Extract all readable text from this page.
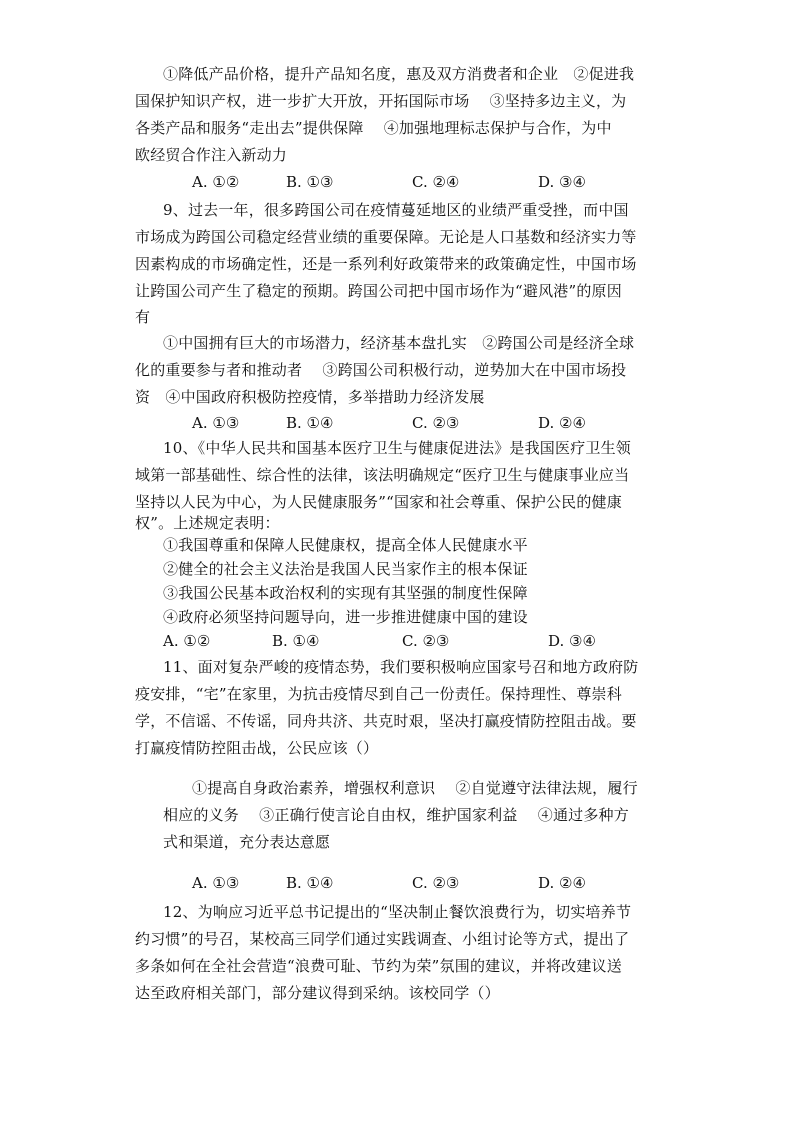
①降低产品价格，提升产品知名度，惠及双方消费者和企业　②促进我
国保护知识产权，进一步扩大开放，开拓国际市场　 ③坚持多边主义，为
各类产品和服务“走出去”提供保障　 ④加强地理标志保护与合作，为中
欧经贸合作注入新动力
A. ①②	B. ①③	C. ②④	D. ③④
9、过去一年，很多跨国公司在疫情蔓延地区的业绩严重受挫，而中国
市场成为跨国公司稳定经营业绩的重要保障。无论是人口基数和经济实力等
因素构成的市场确定性，还是一系列利好政策带来的政策确定性，中国市场
让跨国公司产生了稳定的预期。跨国公司把中国市场作为“避风港”的原因
有
①中国拥有巨大的市场潜力，经济基本盘扎实　②跨国公司是经济全球
化的重要参与者和推动者　 ③跨国公司积极行动，逆势加大在中国市场投
资　④中国政府积极防控疫情，多举措助力经济发展
A. ①③	B. ①④	C. ②③	D. ②④
10、《中华人民共和国基本医疗卫生与健康促进法》是我国医疗卫生领
域第一部基础性、综合性的法律，该法明确规定“医疗卫生与健康事业应当
坚持以人民为中心，为人民健康服务”“国家和社会尊重、保护公民的健康
权”。上述规定表明：
①我国尊重和保障人民健康权，提高全体人民健康水平
②健全的社会主义法治是我国人民当家作主的根本保证
③我国公民基本政治权利的实现有其坚强的制度性保障
④政府必须坚持问题导向，进一步推进健康中国的建设
A. ①②	B. ①④	C. ②③	D. ③④
11、面对复杂严峻的疫情态势，我们要积极响应国家号召和地方政府防
疫安排，“宅”在家里，为抗击疫情尽到自己一份责任。保持理性、尊崇科
学，不信谣、不传谣，同舟共济、共克时艰，坚决打赢疫情防控阻击战。要
打赢疫情防控阻击战，公民应该（）
①提高自身政治素养，增强权利意识　 ②自觉遵守法律法规，履行
相应的义务　 ③正确行使言论自由权，维护国家利益　 ④通过多种方
式和渠道，充分表达意愿
A. ①③	B. ①④	C. ②③	D. ②④
12、为响应习近平总书记提出的“坚决制止餐饮浪费行为，切实培养节
约习惯”的号召，某校高三同学们通过实践调查、小组讨论等方式，提出了
多条如何在全社会营造“浪费可耻、节约为荣”氛围的建议，并将改建议送
达至政府相关部门，部分建议得到采纳。该校同学（）
